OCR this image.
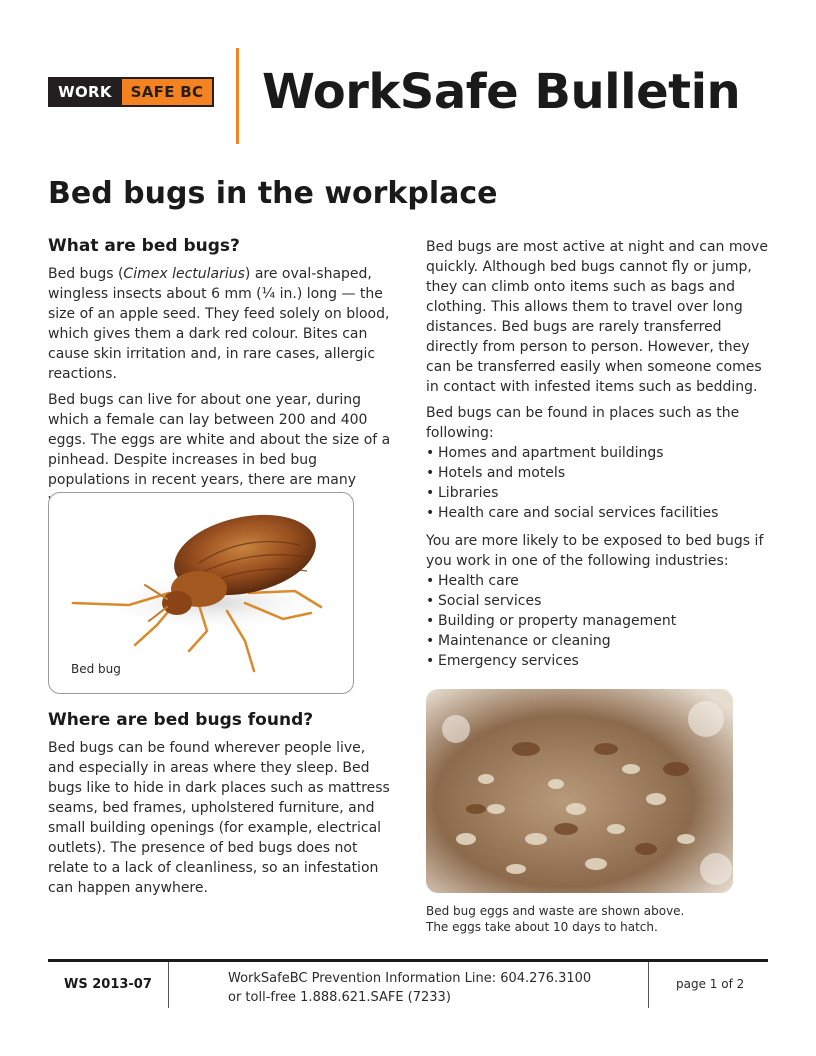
WORK	SAFE BC WorkSafe Bulletin
Bed bugs in the workplace
What are bed bugs?

Bed bugs (Cimex lectularius) are oval-shaped, wingless insects about 6 mm (¼ in.) long — the size of an apple seed. They feed solely on blood, which gives them a dark red colour. Bites can cause skin irritation and, in rare cases, allergic reactions.

Bed bugs can live for about one year, during which a female can lay between 200 and 400 eggs. The eggs are white and about the size of a pinhead. Despite increases in bed bug populations in recent years, there are many

Bed bug
Where are bed bugs found?

Bed bugs can be found wherever people live, and especially in areas where they sleep. Bed bugs like to hide in dark places such as mattress seams, bed frames, upholstered furniture, and small building openings (for example, electrical outlets). The presence of bed bugs does not relate to a lack of cleanliness, so an infestation can happen anywhere.

Bed bugs are most active at night and can move quickly. Although bed bugs cannot fly or jump, they can climb onto items such as bags and clothing. This allows them to travel over long distances. Bed bugs are rarely transferred directly from person to person. However, they can be transferred easily when someone comes in contact with infested items such as bedding.

Bed bugs can be found in places such as the following:

• Homes and apartment buildings
• Hotels and motels
• Libraries
• Health care and social services facilities

You are more likely to be exposed to bed bugs if you work in one of the following industries:

• Health care
• Social services
• Building or property management
• Maintenance or cleaning
• Emergency services
Bed bug eggs and waste are shown above.
The eggs take about 10 days to hatch.
WS 2013-07	WorkSafeBC Prevention Information Line: 604.276.3100
or toll-free 1.888.621.SAFE (7233)
page 1 of 2
